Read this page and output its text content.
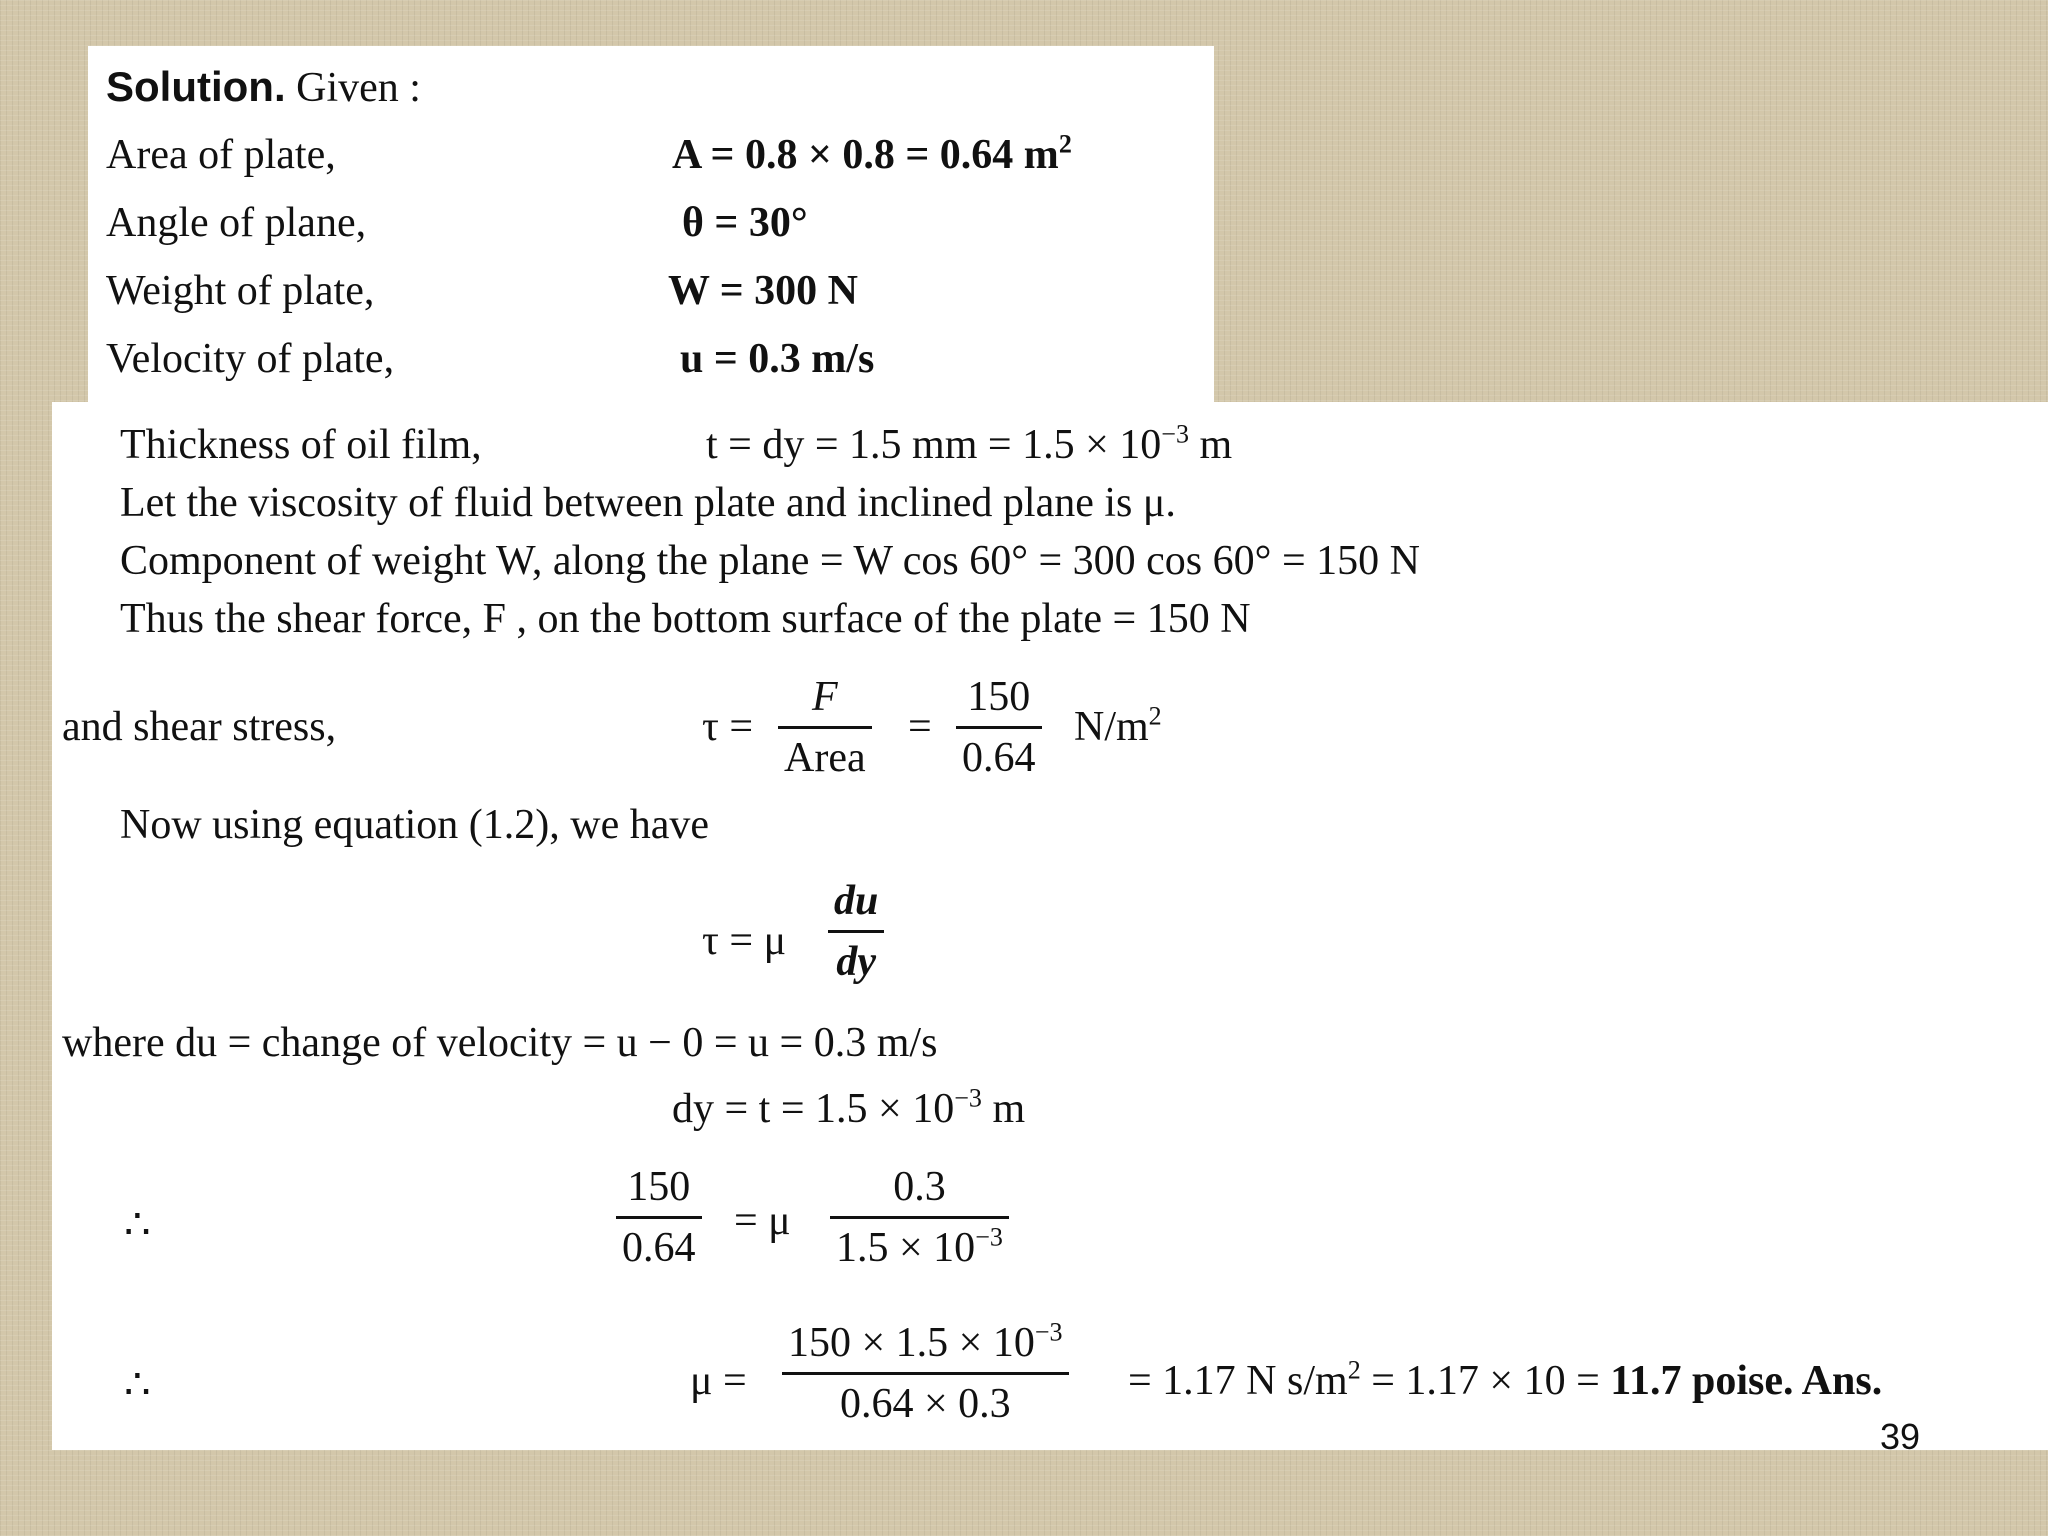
Solution. Given :
Area of plate,	A = 0.8 × 0.8 = 0.64 $m^2$
Angle of plane,	θ = 30°
Weight of plate,	W = 300 N
Velocity of plate,	u = 0.3 m/s
Thickness of oil film,	t = dy = 1.5 mm = $1.5 \times 10^{-3}$ m
Let the viscosity of fluid between plate and inclined plane is μ.
Component of weight W, along the plane = W cos 60° = 300 cos 60° = 150 N
Thus the shear force, F , on the bottom surface of the plate = 150 N
and shear stress,	τ =
F
Area
=
150
0.64
$N/m^2$
Now using equation (1.2), we have
τ = μ
du
dy
where du = change of velocity = u − 0 = u = 0.3 m/s
dy = $t = 1.5 \times 10^{-3}$ m
∴
150
0.64
= μ
0.3
$1.5 \times 10^{-3}$
∴	μ =
$150 \times 1.5 \times 10^{-3}$
0.64 × 0.3	= 1.17 N $s/m^2 = 1.17 \times 10 = 11.7$ poise. Ans.
39
